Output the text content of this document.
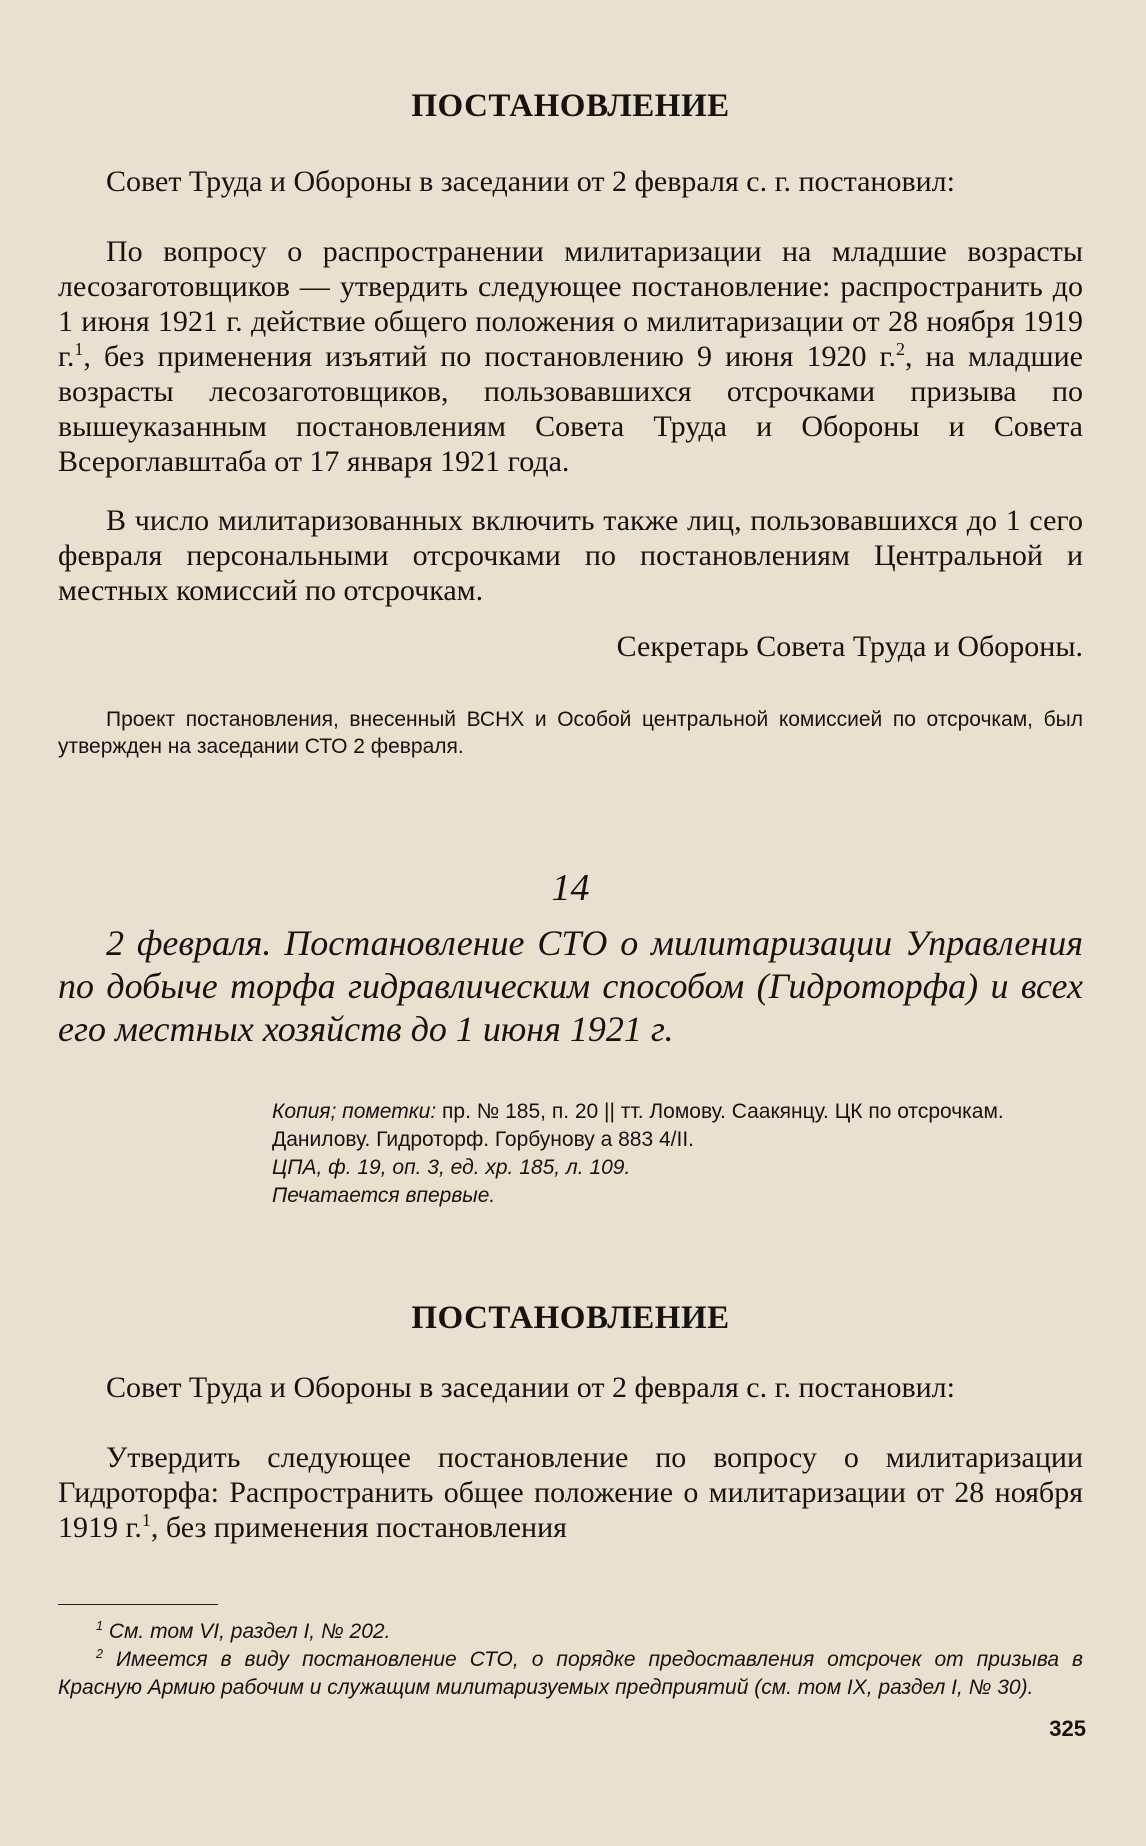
ПОСТАНОВЛЕНИЕ

Совет Труда и Обороны в заседании от 2 февраля с. г. постановил:

По вопросу о распространении милитаризации на младшие возрасты лесозаготовщиков — утвердить следующее постановление: распространить до 1 июня 1921 г. действие общего положения о милитаризации от 28 ноября 1919 г.$^1$, без применения изъятий по постановлению 9 июня 1920 г.$^2$, на младшие возрасты лесозаготовщиков, пользовавшихся отсрочками призыва по вышеуказанным постановлениям Совета Труда и Обороны и Совета Всероглавштаба от 17 января 1921 года.

В число милитаризованных включить также лиц, пользовавшихся до 1 сего февраля персональными отсрочками по постановлениям Центральной и местных комиссий по отсрочкам.

Секретарь Совета Труда и Обороны.

Проект постановления, внесенный ВСНХ и Особой центральной комиссией по отсрочкам, был утвержден на заседании СТО 2 февраля.

14

2 февраля. Постановление СТО о милитаризации Управления по добыче торфа гидравлическим способом (Гидроторфа) и всех его местных хозяйств до 1 июня 1921 г.

Копия; пометки: пр. № 185, п. 20 || тт. Ломову. Саакянцу. ЦК по отсрочкам. Данилову. Гидроторф. Горбунову а 883 4/II.

ЦПА, ф. 19, оп. 3, ед. хр. 185, л. 109.

Печатается впервые.

ПОСТАНОВЛЕНИЕ

Совет Труда и Обороны в заседании от 2 февраля с. г. постановил:

Утвердить следующее постановление по вопросу о милитаризации Гидроторфа: Распространить общее положение о милитаризации от 28 ноября 1919 г.$^1$, без применения постановления

$^1$ См. том VI, раздел I, № 202.

$^2$ Имеется в виду постановление СТО, о порядке предоставления отсрочек от призыва в Красную Армию рабочим и служащим милитаризуемых предприятий (см. том IX, раздел I, № 30).

325
